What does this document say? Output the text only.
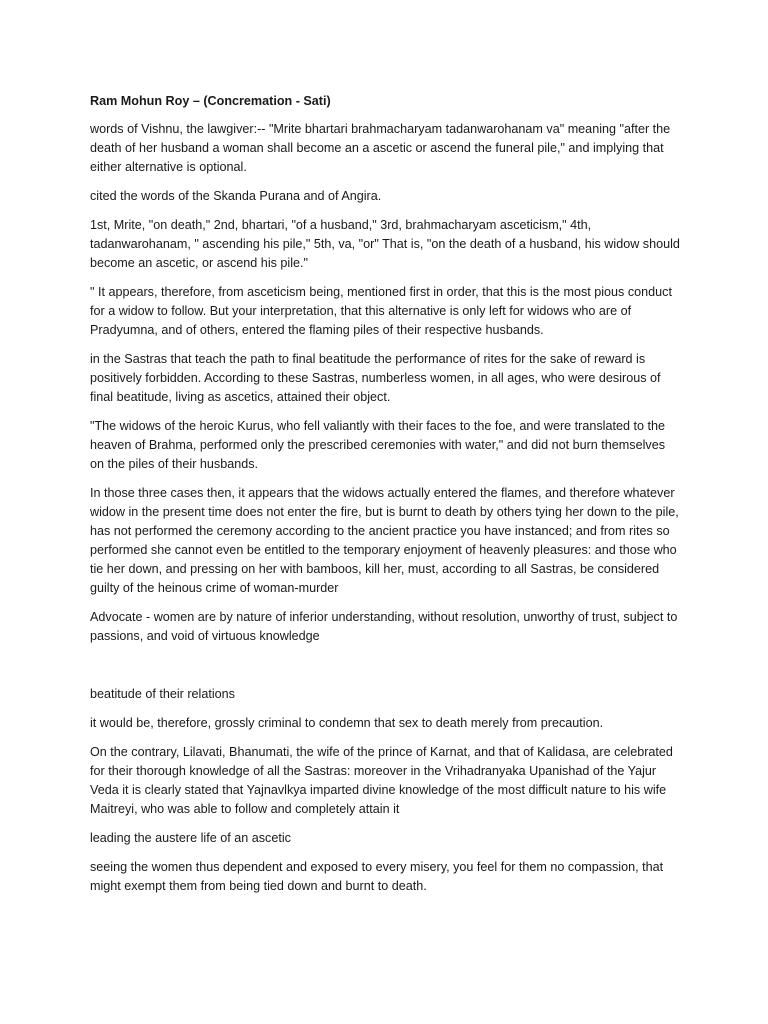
Ram Mohun Roy – (Concremation - Sati)

words of Vishnu, the lawgiver:-- "Mrite bhartari brahmacharyam tadanwarohanam va" meaning "after the death of her husband a woman shall become an a ascetic or ascend the funeral pile," and implying that either alternative is optional.

cited the words of the Skanda Purana and of Angira.

1st, Mrite, "on death," 2nd, bhartari, "of a husband," 3rd, brahmacharyam asceticism," 4th, tadanwarohanam, " ascending his pile," 5th, va, "or" That is, "on the death of a husband, his widow should become an ascetic, or ascend his pile."

" It appears, therefore, from asceticism being, mentioned first in order, that this is the most pious conduct for a widow to follow. But your interpretation, that this alternative is only left for widows who are of Pradyumna, and of others, entered the flaming piles of their respective husbands.

in the Sastras that teach the path to final beatitude the performance of rites for the sake of reward is positively forbidden. According to these Sastras, numberless women, in all ages, who were desirous of final beatitude, living as ascetics, attained their object.

"The widows of the heroic Kurus, who fell valiantly with their faces to the foe, and were translated to the heaven of Brahma, performed only the prescribed ceremonies with water," and did not burn themselves on the piles of their husbands.

In those three cases then, it appears that the widows actually entered the flames, and therefore whatever widow in the present time does not enter the fire, but is burnt to death by others tying her down to the pile, has not performed the ceremony according to the ancient practice you have instanced; and from rites so performed she cannot even be entitled to the temporary enjoyment of heavenly pleasures: and those who tie her down, and pressing on her with bamboos, kill her, must, according to all Sastras, be considered guilty of the heinous crime of woman-murder

Advocate - women are by nature of inferior understanding, without resolution, unworthy of trust, subject to passions, and void of virtuous knowledge

beatitude of their relations

it would be, therefore, grossly criminal to condemn that sex to death merely from precaution.

On the contrary, Lilavati, Bhanumati, the wife of the prince of Karnat, and that of Kalidasa, are celebrated for their thorough knowledge of all the Sastras: moreover in the Vrihadranyaka Upanishad of the Yajur Veda it is clearly stated that Yajnavlkya imparted divine knowledge of the most difficult nature to his wife Maitreyi, who was able to follow and completely attain it

leading the austere life of an ascetic

seeing the women thus dependent and exposed to every misery, you feel for them no compassion, that might exempt them from being tied down and burnt to death.
